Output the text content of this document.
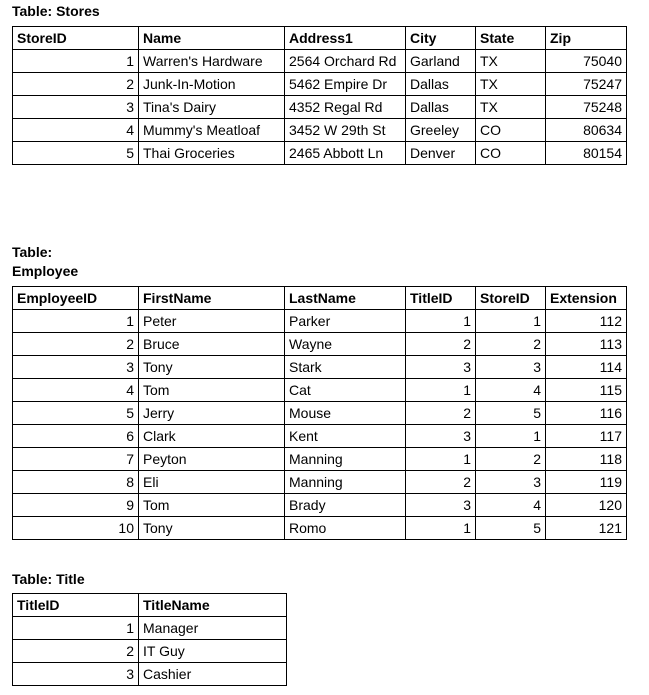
Table: Stores
StoreID	Name	Address1	City	State	Zip
1	Warren's Hardware	2564 Orchard Rd	Garland	TX	75040
2	Junk-In-Motion	5462 Empire Dr	Dallas	TX	75247
3	Tina's Dairy	4352 Regal Rd	Dallas	TX	75248
4	Mummy's Meatloaf	3452 W 29th St	Greeley	CO	80634
5	Thai Groceries	2465 Abbott Ln	Denver	CO	80154
Table:
Employee
EmployeeID	FirstName	LastName	TitleID	StoreID	Extension
1	Peter	Parker	1	1	112
2	Bruce	Wayne	2	2	113
3	Tony	Stark	3	3	114
4	Tom	Cat	1	4	115
5	Jerry	Mouse	2	5	116
6	Clark	Kent	3	1	117
7	Peyton	Manning	1	2	118
8	Eli	Manning	2	3	119
9	Tom	Brady	3	4	120
10	Tony	Romo	1	5	121
Table: Title
TitleID	TitleName
1	Manager
2	IT Guy
3	Cashier
